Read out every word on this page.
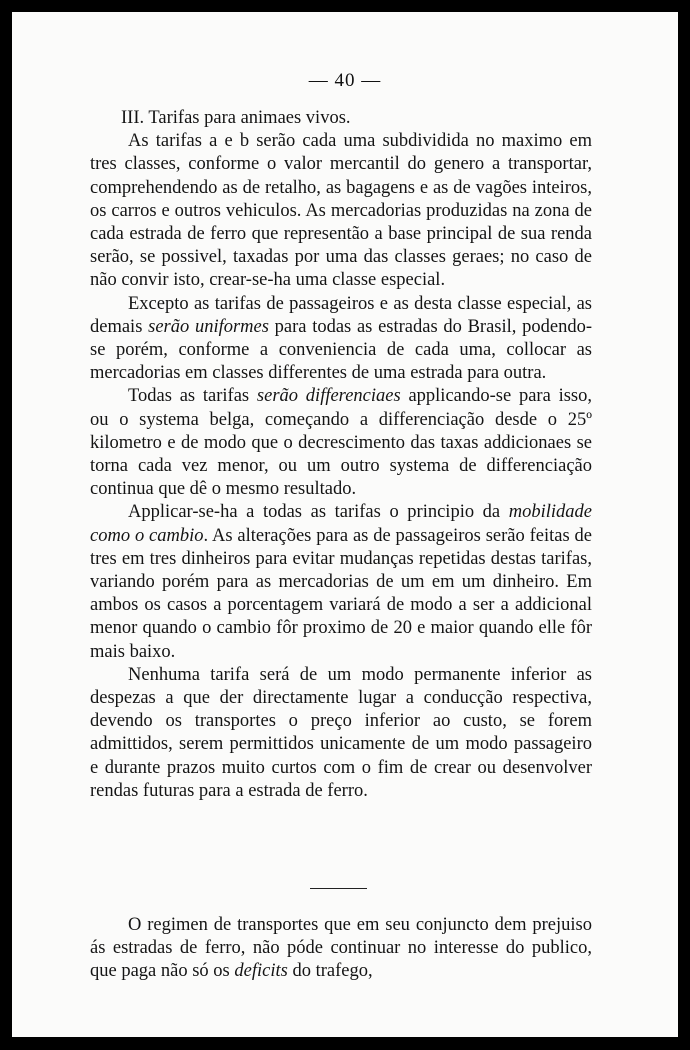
— 40 —

III. Tarifas para animaes vivos.

As tarifas a e b serão cada uma subdividida no maximo em tres classes, conforme o valor mercantil do genero a transportar, comprehendendo as de retalho, as bagagens e as de vagões inteiros, os carros e outros vehiculos. As mercadorias produzidas na zona de cada estrada de ferro que representão a base principal de sua renda serão, se possivel, taxadas por uma das classes geraes; no caso de não convir isto, crear-se-ha uma classe especial.

Excepto as tarifas de passageiros e as desta classe especial, as demais serão uniformes para todas as estradas do Brasil, podendo-se porém, conforme a conveniencia de cada uma, collocar as mercadorias em classes differentes de uma estrada para outra.

Todas as tarifas serão differenciaes applicando-se para isso, ou o systema belga, começando a differenciação desde o 25º kilometro e de modo que o decrescimento das taxas addicionaes se torna cada vez menor, ou um outro systema de differenciação continua que dê o mesmo resultado.

Applicar-se-ha a todas as tarifas o principio da mobilidade como o cambio. As alterações para as de passageiros serão feitas de tres em tres dinheiros para evitar mudanças repetidas destas tarifas, variando porém para as mercadorias de um em um dinheiro. Em ambos os casos a porcentagem variará de modo a ser a addicional menor quando o cambio fôr proximo de 20 e maior quando elle fôr mais baixo.

Nenhuma tarifa será de um modo permanente inferior as despezas a que der directamente lugar a conducção respectiva, devendo os transportes o preço inferior ao custo, se forem admittidos, serem permittidos unicamente de um modo passageiro e durante prazos muito curtos com o fim de crear ou desenvolver rendas futuras para a estrada de ferro.

O regimen de transportes que em seu conjuncto dem prejuiso ás estradas de ferro, não póde continuar no interesse do publico, que paga não só os deficits do trafego,
